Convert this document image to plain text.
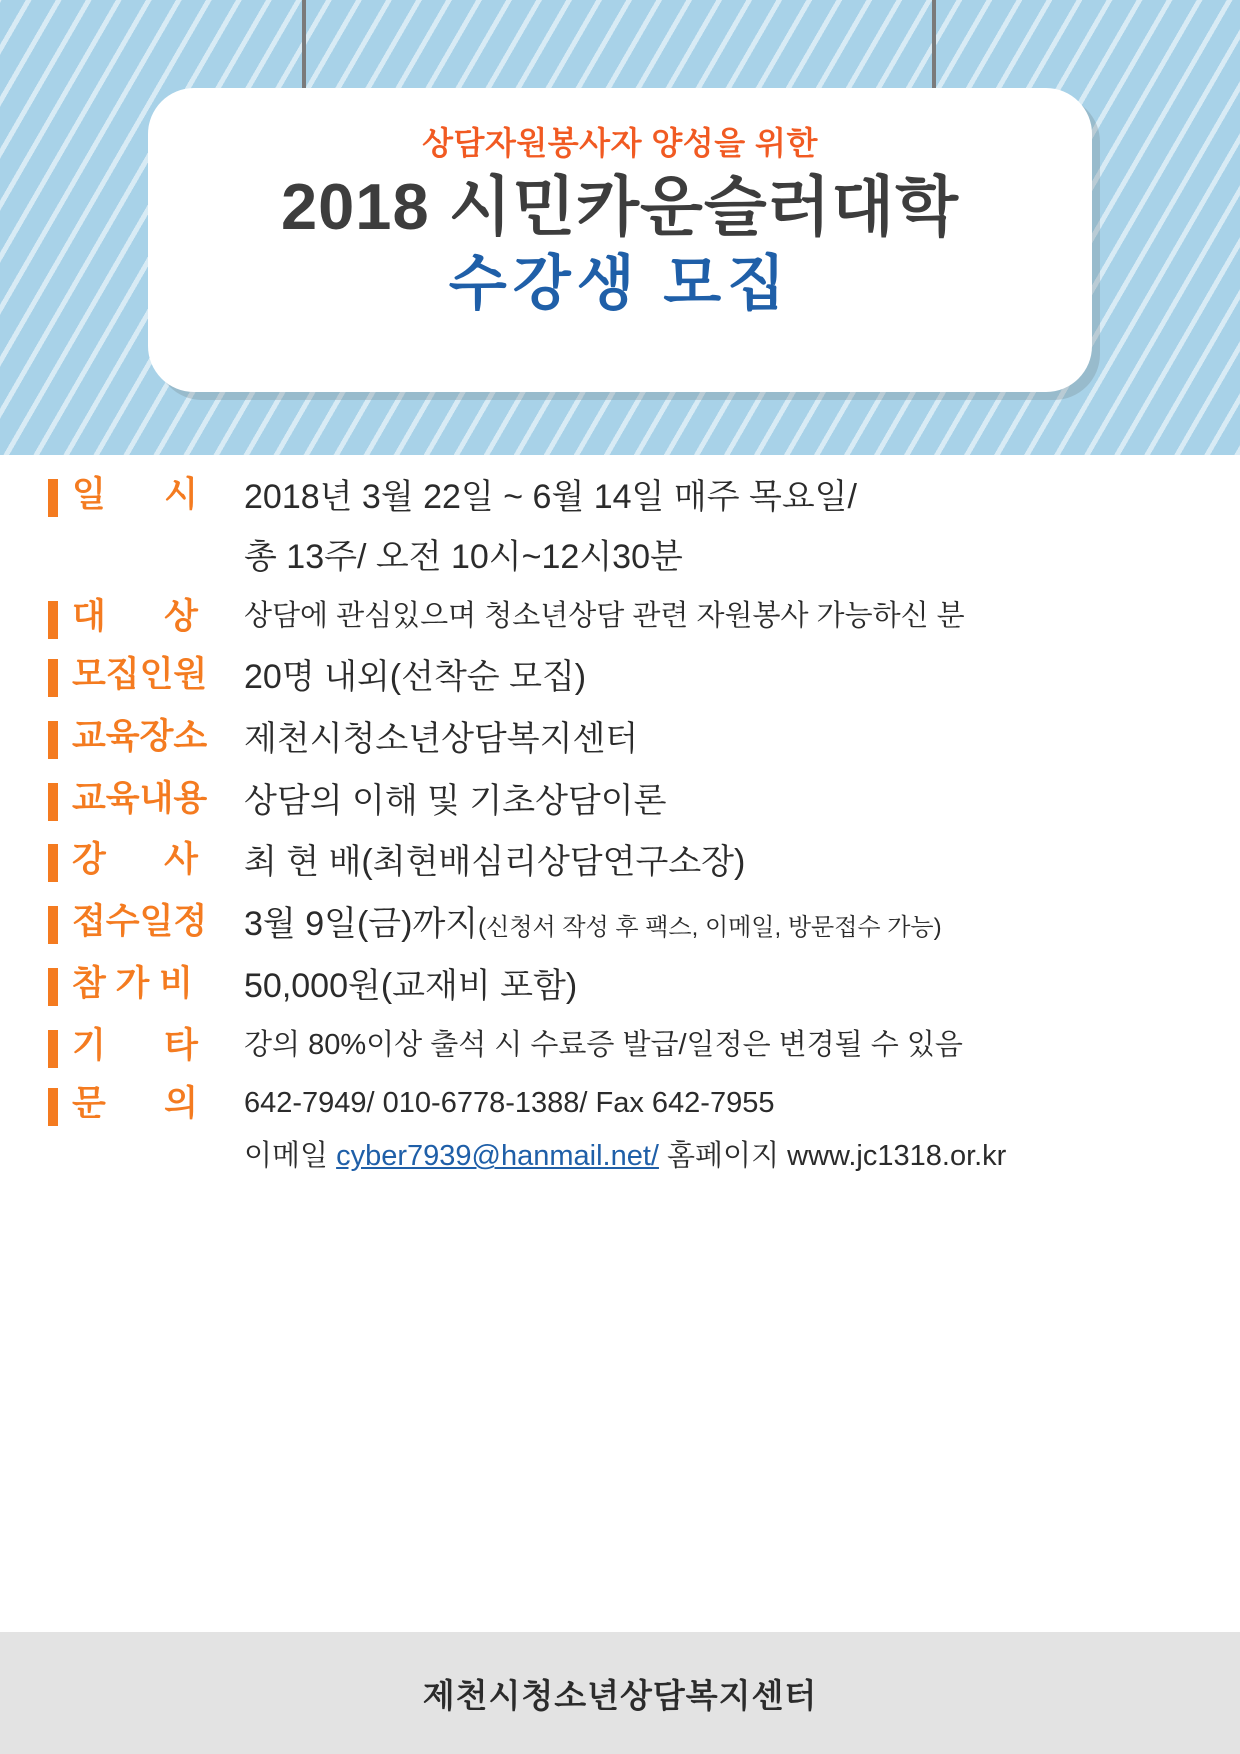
상담자원봉사자 양성을 위한

2018 시민카운슬러대학
수강생 모집
일      시	2018년 3월 22일 ~ 6월 14일 매주 목요일/
총 13주/ 오전 10시~12시30분
대      상	상담에 관심있으며 청소년상담 관련 자원봉사 가능하신 분
모집인원	20명 내외(선착순 모집)
교육장소	제천시청소년상담복지센터
교육내용	상담의 이해 및 기초상담이론
강      사	최 현 배(최현배심리상담연구소장)
접수일정	3월 9일(금)까지(신청서 작성 후 팩스, 이메일, 방문접수 가능)
참 가 비	50,000원(교재비 포함)
기      타	강의 80%이상 출석 시 수료증 발급/일정은 변경될 수 있음
문      의	642-7949/ 010-6778-1388/ Fax 642-7955
이메일 cyber7939@hanmail.net/ 홈페이지 www.jc1318.or.kr
제천시청소년상담복지센터
